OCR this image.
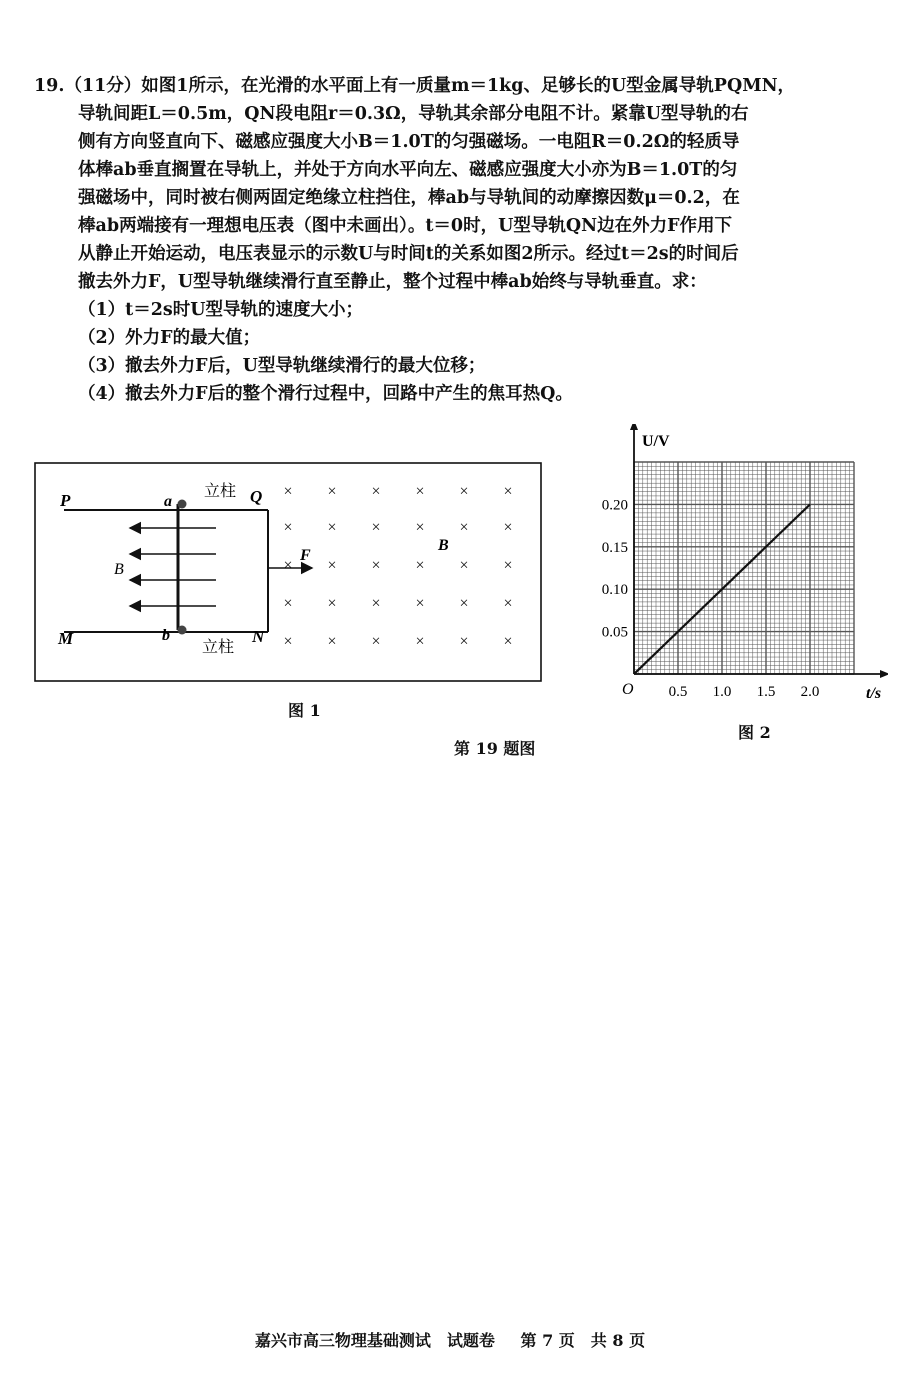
19.（11分）如图1所示，在光滑的水平面上有一质量m＝1kg、足够长的U型金属导轨PQMN，

导轨间距L＝0.5m，QN段电阻r＝0.3Ω，导轨其余部分电阻不计。紧靠U型导轨的右

侧有方向竖直向下、磁感应强度大小B＝1.0T的匀强磁场。一电阻R＝0.2Ω的轻质导

体棒ab垂直搁置在导轨上，并处于方向水平向左、磁感应强度大小亦为B＝1.0T的匀

强磁场中，同时被右侧两固定绝缘立柱挡住，棒ab与导轨间的动摩擦因数μ＝0.2，在

棒ab两端接有一理想电压表（图中未画出）。t＝0时，U型导轨QN边在外力F作用下

从静止开始运动，电压表显示的示数U与时间t的关系如图2所示。经过t＝2s的时间后

撤去外力F，U型导轨继续滑行直至静止，整个过程中棒ab始终与导轨垂直。求：

（1）t＝2s时U型导轨的速度大小；

（2）外力F的最大值；

（3）撤去外力F后，U型导轨继续滑行的最大位移；

（4）撤去外力F后的整个滑行过程中，回路中产生的焦耳热Q。

× × × × × ×
× × × × × ×
× × × × × ×
× × × × × ×
× × × × × ×
P	a
立柱 Q
M	b
立柱
N
B
B
F
图 1
0.5 1.0 1.5 2.0
0.05
0.10
0.15
0.20
U/V
t/s
O
图 2
第 19 题图
嘉兴市高三物理基础测试　试题卷 第 7 页　共 8 页
